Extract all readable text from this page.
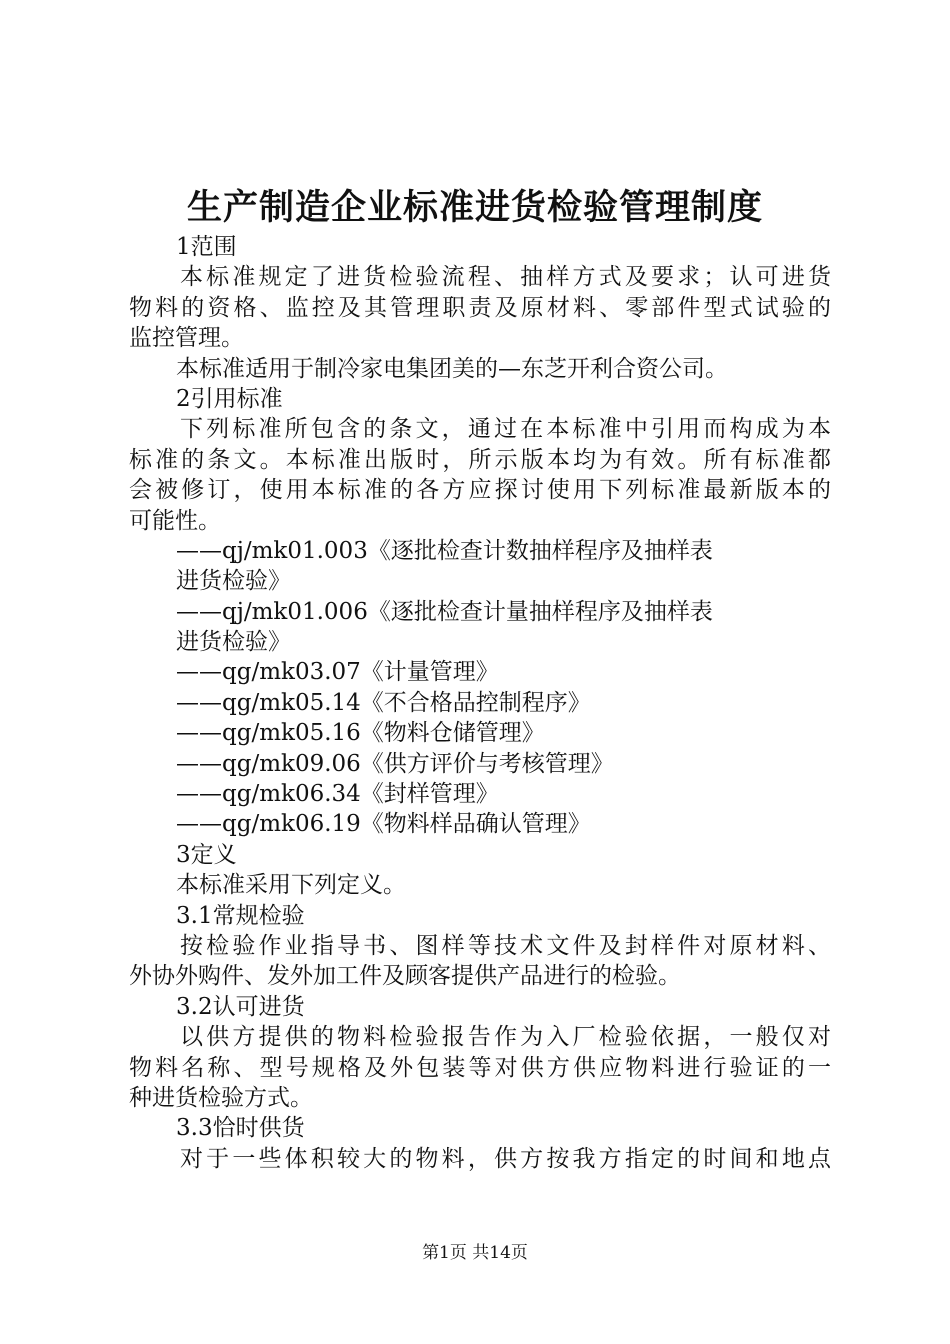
生产制造企业标准进货检验管理制度
1范围
本标准规定了进货检验流程、抽样方式及要求；认可进货
物料的资格、监控及其管理职责及原材料、零部件型式试验的
监控管理。
本标准适用于制冷家电集团美的—东芝开利合资公司。
2引用标准
下列标准所包含的条文，通过在本标准中引用而构成为本
标准的条文。本标准出版时，所示版本均为有效。所有标准都
会被修订，使用本标准的各方应探讨使用下列标准最新版本的
可能性。
——qj/mk01.003《逐批检查计数抽样程序及抽样表
进货检验》
——qj/mk01.006《逐批检查计量抽样程序及抽样表
进货检验》
——qg/mk03.07《计量管理》
——qg/mk05.14《不合格品控制程序》
——qg/mk05.16《物料仓储管理》
——qg/mk09.06《供方评价与考核管理》
——qg/mk06.34《封样管理》
——qg/mk06.19《物料样品确认管理》
3定义
本标准采用下列定义。
3.1常规检验
按检验作业指导书、图样等技术文件及封样件对原材料、
外协外购件、发外加工件及顾客提供产品进行的检验。
3.2认可进货
以供方提供的物料检验报告作为入厂检验依据，一般仅对
物料名称、型号规格及外包装等对供方供应物料进行验证的一
种进货检验方式。
3.3恰时供货
对于一些体积较大的物料，供方按我方指定的时间和地点
第1页 共14页
